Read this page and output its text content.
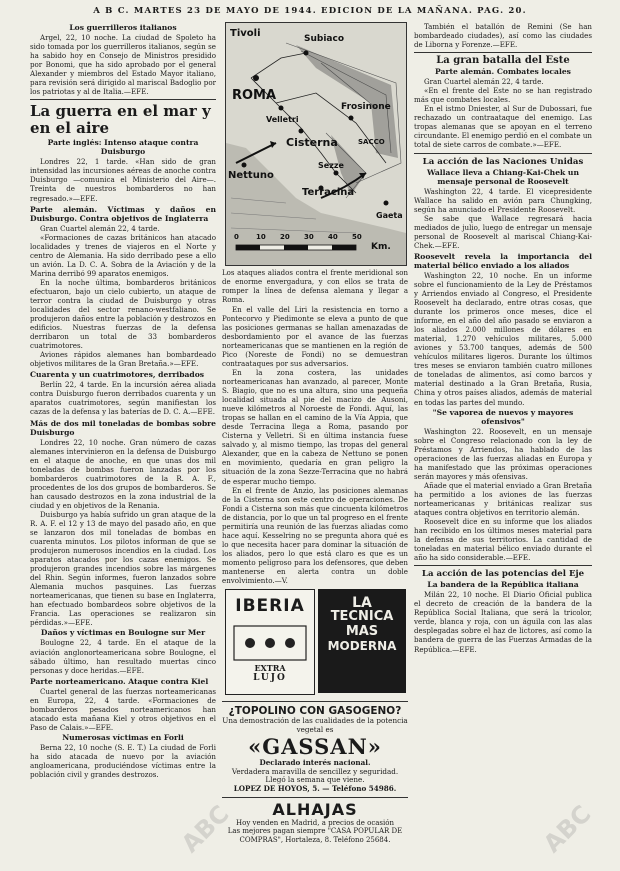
A B C. MARTES 23 DE MAYO DE 1944. EDICION DE LA MAÑANA. PAG. 20.
Los guerrilleros italianos

Argel, 22, 10 noche. La ciudad de Spoleto ha sido tomada por los guerrilleros italianos, según se ha sabido hoy en Consejo de Ministros presidido por Bonomi, que ha sido aprobado por el general Alexander y miembros del Estado Mayor italiano, para revisión será dirigido al mariscal Badoglio por los patriotas y al de Italia.—EFE.

La guerra en el mar y en el aire
Parte inglés: Intenso ataque contra Duisburgo

Londres 22, 1 tarde. «Han sido de gran intensidad las incursiones aéreas de anoche contra Duisburgo —comunica el Ministerio del Aire—. Treinta de nuestros bombarderos no han regresado.»—EFE.

Parte alemán. Víctimas y daños en Duisburgo. Contra objetivos de Inglaterra

Gran Cuartel alemán 22, 4 tarde.

«Formaciones de cazas británicos han atacado localidades y trenes de viajeros en el Norte y centro de Alemania. Ha sido derribado pese a ello un avión. La D. C. A. Sobra de la Aviación y de la Marina derribó 99 aparatos enemigos.

En la noche última, bombarderos británicos efectuaron, bajo un cielo cubierto, un ataque de terror contra la ciudad de Duisburgo y otras localidades del sector renano-westfaliano. Se produjeron daños entre la población y destrozos en edificios. Nuestras fuerzas de la defensa derribaron un total de 33 bombarderos cuatrimotores.

Aviones rápidos alemanes han bombardeado objetivos militares de la Gran Bretaña.»—EFE.

Cuarenta y un cuatrimotores, derribados

Berlín 22, 4 tarde. En la incursión aérea aliada contra Duisburgo fueron derribados cuarenta y un aparatos cuatrimotores, según manifiestan los cazas de la defensa y las baterías de D. C. A.—EFE.

Más de dos mil toneladas de bombas sobre Duisburgo

Londres 22, 10 noche. Gran número de cazas alemanes intervinieron en la defensa de Duisburgo en el ataque de anoche, en que unas dos mil toneladas de bombas fueron lanzadas por los bombarderos cuatrimotores de la R. A. F., procedentes de los dos grupos de bombarderos. Se han causado destrozos en la zona industrial de la ciudad y en objetivos de la Renania.

Duisburgo ya había sufrido un gran ataque de la R. A. F. el 12 y 13 de mayo del pasado año, en que se lanzaron dos mil toneladas de bombas en cuarenta minutos. Los pilotos informan de que se produjeron numerosos incendios en la ciudad. Los aparatos atacados por los cazas enemigos. Se produjeron grandes incendios sobre las márgenes del Rhin. Según informes, fueron lanzados sobre Alemania muchos pasquines. Las fuerzas norteamericanas, que tienen su base en Inglaterra, han efectuado bombardeos sobre objetivos de la Francia. Las operaciones se realizaron sin pérdidas.»—EFE.

Daños y víctimas en Boulogne sur Mer

Boulogne 22, 4 tarde. En el ataque de la aviación anglonorteamericana sobre Boulogne, el sábado último, han resultado muertas cinco personas y doce heridas.—EFE.

Parte norteamericano. Ataque contra Kiel

Cuartel general de las fuerzas norteamericanas en Europa, 22, 4 tarde. «Formaciones de bombarderos pesados norteamericanos han atacado esta mañana Kiel y otros objetivos en el Paso de Calais.»—EFE.

Numerosas víctimas en Forli

Berna 22, 10 noche (S. E. T.) La ciudad de Forli ha sido atacada de nuevo por la aviación angloamericana, produciéndose víctimas entre la población civil y grandes destrozos.

Tivoli	Subiaco
ROMA
Velletri
Frosinone
Cisterna	SACCO
Sezze
Nettuno
Terracina
Gaeta
0 10 20 30 40 50
Km.
Los ataques aliados contra el frente meridional son de enorme envergadura, y con ellos se trata de romper la línea de defensa alemana y llegar a Roma.

En el valle del Liri la resistencia en torno a Pontecorvo y Piedimonte se eleva a punto de que las posiciones germanas se hallan amenazadas de desbordamiento por el avance de las fuerzas norteamericanas que se mantienen en la región de Pico (Noreste de Fondi) no se demuestran contraataques por sus adversarios.

En la zona costera, las unidades norteamericanas han avanzado, al parecer, Monte S. Biagio, que no es una altura, sino una pequeña localidad situada al pie del macizo de Ausoni, nueve kilómetros al Noroeste de Fondi. Aquí, las tropas se hallan en el camino de la Vía Appia, que desde Terracina llega a Roma, pasando por Cisterna y Velletri. Si en última instancia fuese salvado y, al mismo tiempo, las tropas del general Alexander, que en la cabeza de Nettuno se ponen en movimiento, quedaría en gran peligro la situación de la zona Sezze-Terracina que no habrá de esperar mucho tiempo.

En el frente de Anzio, las posiciones alemanas de la Cisterna son este centro de operaciones. De Fondi a Cisterna son más que cincuenta kilómetros de distancia, por lo que un tal progreso en el frente permitiría una reunión de las fuerzas aliadas como hace aquí. Kesselring no se pregunta ahora qué es lo que necesita hacer para dominar la situación de los aliados, pero lo que está claro es que es un momento peligroso para los defensores, que deben mantenerse en alerta contra un doble envolvimiento.—V.

IBERIA
EXTRA
LUJO
LA
TECNICA
MAS
MODERNA
¿TOPOLINO CON GASOGENO?
Una demostración de las cualidades de la potencia vegetal es
«GASSAN»
Declarado interés nacional.
Verdadera maravilla de sencillez y seguridad. Llegó la semana que viene.
LOPEZ DE HOYOS, 5. — Teléfono 54986.
ALHAJAS
Hoy venden en Madrid, a precios de ocasión
Las mejores pagan siempre "CASA POPULAR DE COMPRAS", Hortaleza, 8. Teléfono 25684.

También el batallón de Remini (Se han bombardeado ciudades), así como las ciudades de Liborna y Forenze.—EFE.

La gran batalla del Este
Parte alemán. Combates locales

Gran Cuartel alemán 22, 4 tarde.

«En el frente del Este no se han registrado más que combates locales.

En el istmo Dniester, al Sur de Dubossari, fue rechazado un contraataque del enemigo. Las tropas alemanas que se apoyan en el terreno circundante. El enemigo perdió en el combate un total de siete carros de combate.»—EFE.

La acción de las Naciones Unidas
Wallace lleva a Chiang-Kai-Chek un mensaje personal de Roosevelt

Washington 22, 4 tarde. El vicepresidente Wallace ha salido en avión para Chungking, según ha anunciado el Presidente Roosevelt.

Se sabe que Wallace regresará hacia mediados de julio, luego de entregar un mensaje personal de Roosevelt al mariscal Chiang-Kai-Chek.—EFE.

Roosevelt revela la importancia del material bélico enviado a los aliados

Washington 22, 10 noche. En un informe sobre el funcionamiento de la Ley de Préstamos y Arriendos enviado al Congreso, el Presidente Roosevelt ha declarado, entre otras cosas, que durante los primeros once meses, dice el informe, en el año del año pasado se enviaron a los aliados 2.000 millones de dólares en material, 1.270 vehículos militares, 5.000 aviones y 53.700 tanques, además de 500 vehículos militares ligeros. Durante los últimos tres meses se enviaron también cuatro millones de toneladas de alimentos, así como barcos y material destinado a la Gran Bretaña, Rusia, China y otros países aliados, además de material en todas las partes del mundo.

"Se vaporea de nuevos y mayores ofensivos"

Washington 22. Roosevelt, en un mensaje sobre el Congreso relacionado con la ley de Préstamos y Arriendos, ha hablado de las operaciones de las fuerzas aliadas en Europa y ha manifestado que las próximas operaciones serán mayores y más ofensivas.

Añade que el material enviado a Gran Bretaña ha permitido a los aviones de las fuerzas norteamericanas y británicas realizar sus ataques contra objetivos en territorio alemán.

Roosevelt dice en su informe que los aliados han recibido en los últimos meses material para la defensa de sus territorios. La cantidad de toneladas en material bélico enviado durante el año ha sido considerable.—EFE.

La acción de las potencias del Eje
La bandera de la República italiana

Milán 22, 10 noche. El Diario Oficial publica el decreto de creación de la bandera de la República Social Italiana, que será la tricolor, verde, blanca y roja, con un águila con las alas desplegadas sobre el haz de lictores, así como la bandera de guerra de las Fuerzas Armadas de la República.—EFE.

ABC	ABC
